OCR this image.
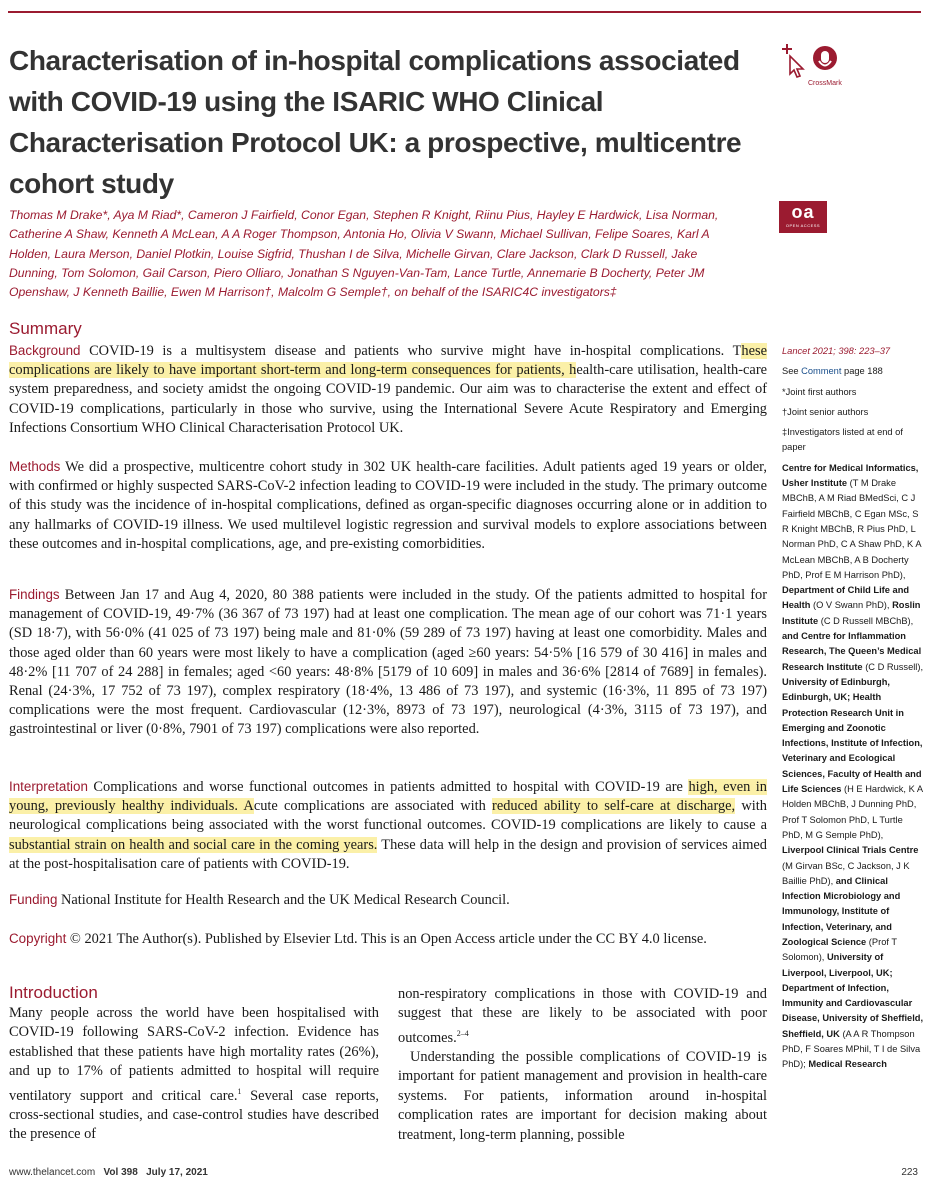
Characterisation of in-hospital complications associated with COVID-19 using the ISARIC WHO Clinical Characterisation Protocol UK: a prospective, multicentre cohort study
CrossMark
oa
OPEN ACCESS
Thomas M Drake*, Aya M Riad*, Cameron J Fairfield, Conor Egan, Stephen R Knight, Riinu Pius, Hayley E Hardwick, Lisa Norman, Catherine A Shaw, Kenneth A McLean, A A Roger Thompson, Antonia Ho, Olivia V Swann, Michael Sullivan, Felipe Soares, Karl A Holden, Laura Merson, Daniel Plotkin, Louise Sigfrid, Thushan I de Silva, Michelle Girvan, Clare Jackson, Clark D Russell, Jake Dunning, Tom Solomon, Gail Carson, Piero Olliaro, Jonathan S Nguyen-Van-Tam, Lance Turtle, Annemarie B Docherty, Peter JM Openshaw, J Kenneth Baillie, Ewen M Harrison†, Malcolm G Semple†, on behalf of the ISARIC4C investigators‡
Summary
Background COVID-19 is a multisystem disease and patients who survive might have in-hospital complications. These complications are likely to have important short-term and long-term consequences for patients, health-care utilisation, health-care system preparedness, and society amidst the ongoing COVID-19 pandemic. Our aim was to characterise the extent and effect of COVID-19 complications, particularly in those who survive, using the International Severe Acute Respiratory and Emerging Infections Consortium WHO Clinical Characterisation Protocol UK.
Methods We did a prospective, multicentre cohort study in 302 UK health-care facilities. Adult patients aged 19 years or older, with confirmed or highly suspected SARS-CoV-2 infection leading to COVID-19 were included in the study. The primary outcome of this study was the incidence of in-hospital complications, defined as organ-specific diagnoses occurring alone or in addition to any hallmarks of COVID-19 illness. We used multilevel logistic regression and survival models to explore associations between these outcomes and in-hospital complications, age, and pre-existing comorbidities.
Findings Between Jan 17 and Aug 4, 2020, 80 388 patients were included in the study. Of the patients admitted to hospital for management of COVID-19, 49·7% (36 367 of 73 197) had at least one complication. The mean age of our cohort was 71·1 years (SD 18·7), with 56·0% (41 025 of 73 197) being male and 81·0% (59 289 of 73 197) having at least one comorbidity. Males and those aged older than 60 years were most likely to have a complication (aged ≥60 years: 54·5% [16 579 of 30 416] in males and 48·2% [11 707 of 24 288] in females; aged <60 years: 48·8% [5179 of 10 609] in males and 36·6% [2814 of 7689] in females). Renal (24·3%, 17 752 of 73 197), complex respiratory (18·4%, 13 486 of 73 197), and systemic (16·3%, 11 895 of 73 197) complications were the most frequent. Cardiovascular (12·3%, 8973 of 73 197), neurological (4·3%, 3115 of 73 197), and gastrointestinal or liver (0·8%, 7901 of 73 197) complications were also reported.
Interpretation Complications and worse functional outcomes in patients admitted to hospital with COVID-19 are high, even in young, previously healthy individuals. Acute complications are associated with reduced ability to self-care at discharge, with neurological complications being associated with the worst functional outcomes. COVID-19 complications are likely to cause a substantial strain on health and social care in the coming years. These data will help in the design and provision of services aimed at the post-hospitalisation care of patients with COVID-19.
Funding National Institute for Health Research and the UK Medical Research Council.
Copyright © 2021 The Author(s). Published by Elsevier Ltd. This is an Open Access article under the CC BY 4.0 license.
Introduction
Many people across the world have been hospitalised with COVID-19 following SARS-CoV-2 infection. Evidence has established that these patients have high mortality rates (26%), and up to 17% of patients admitted to hospital will require ventilatory support and critical care.$^1$ Several case reports, cross-sectional studies, and case-control studies have described the presence of
non-respiratory complications in those with COVID-19 and suggest that these are likely to be associated with poor outcomes.$^{2-4}$
Understanding the possible complications of COVID-19 is important for patient management and provision in health-care systems. For patients, information around in-hospital complication rates are important for decision making about treatment, long-term planning, possible
Lancet 2021; 398: 223–37
See Comment page 188
*Joint first authors
†Joint senior authors
‡Investigators listed at end of paper
Centre for Medical Informatics, Usher Institute (T M Drake MBChB, A M Riad BMedSci, C J Fairfield MBChB, C Egan MSc, S R Knight MBChB, R Pius PhD, L Norman PhD, C A Shaw PhD, K A McLean MBChB, A B Docherty PhD, Prof E M Harrison PhD), Department of Child Life and Health (O V Swann PhD), Roslin Institute (C D Russell MBChB), and Centre for Inflammation Research, The Queen’s Medical Research Institute (C D Russell), University of Edinburgh, Edinburgh, UK; Health Protection Research Unit in Emerging and Zoonotic Infections, Institute of Infection, Veterinary and Ecological Sciences, Faculty of Health and Life Sciences (H E Hardwick, K A Holden MBChB, J Dunning PhD, Prof T Solomon PhD, L Turtle PhD, M G Semple PhD), Liverpool Clinical Trials Centre (M Girvan BSc, C Jackson, J K Baillie PhD), and Clinical Infection Microbiology and Immunology, Institute of Infection, Veterinary, and Zoological Science (Prof T Solomon), University of Liverpool, Liverpool, UK; Department of Infection, Immunity and Cardiovascular Disease, University of Sheffield, Sheffield, UK (A A R Thompson PhD, F Soares MPhil, T I de Silva PhD); Medical Research
www.thelancet.com Vol 398 July 17, 2021	223
